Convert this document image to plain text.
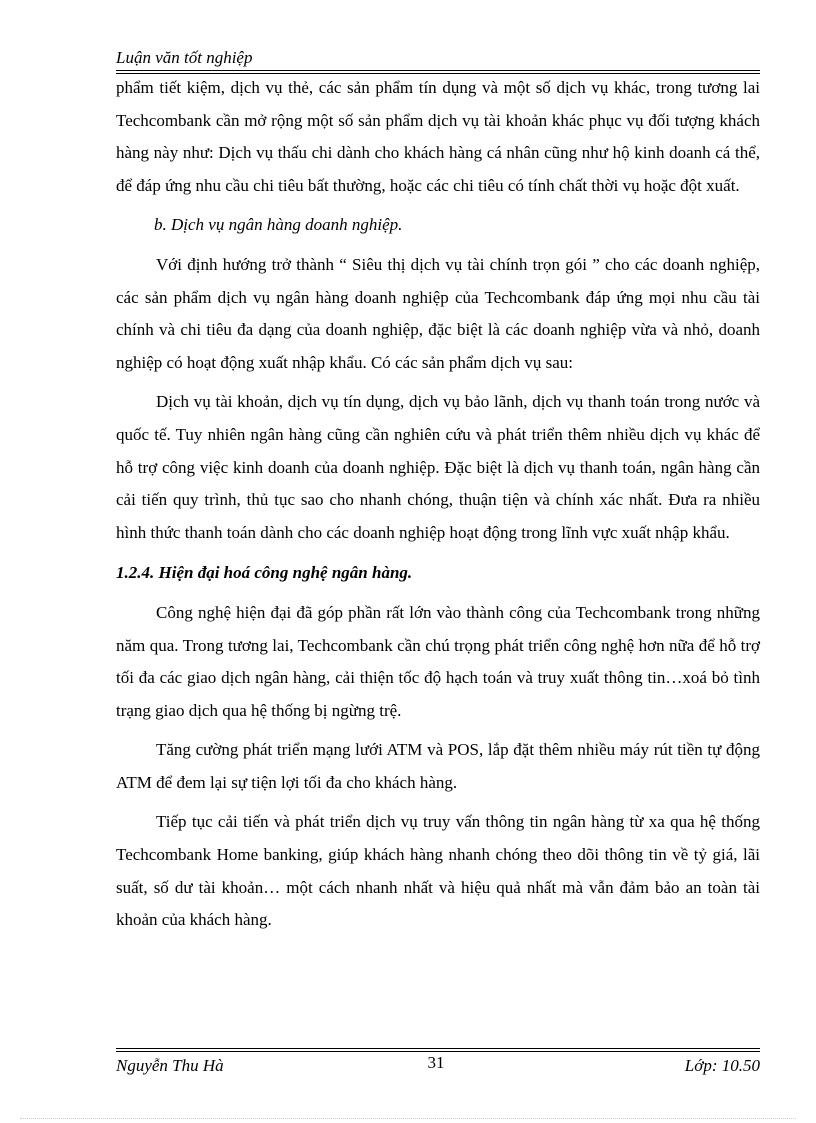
Luận văn tốt nghiệp

phẩm tiết kiệm, dịch vụ thẻ, các sản phẩm tín dụng và một số dịch vụ khác, trong tương lai Techcombank cần mở rộng một số sản phẩm dịch vụ tài khoản khác phục vụ đối tượng khách hàng này như: Dịch vụ thấu chi dành cho khách hàng cá nhân cũng như hộ kinh doanh cá thể, để đáp ứng nhu cầu chi tiêu bất thường, hoặc các chi tiêu có tính chất thời vụ hoặc đột xuất.

b. Dịch vụ ngân hàng doanh nghiệp.

Với định hướng trở thành “ Siêu thị dịch vụ tài chính trọn gói ” cho các doanh nghiệp, các sản phẩm dịch vụ ngân hàng doanh nghiệp của Techcombank đáp ứng mọi nhu cầu tài chính và chi tiêu đa dạng của doanh nghiệp, đặc biệt là các doanh nghiệp vừa và nhỏ, doanh nghiệp có hoạt động xuất nhập khẩu. Có các sản phẩm dịch vụ sau:

Dịch vụ tài khoản, dịch vụ tín dụng, dịch vụ bảo lãnh, dịch vụ thanh toán trong nước và quốc tế. Tuy nhiên ngân hàng cũng cần nghiên cứu và phát triển thêm nhiều dịch vụ khác để hỗ trợ công việc kinh doanh của doanh nghiệp. Đặc biệt là dịch vụ thanh toán, ngân hàng cần cải tiến quy trình, thủ tục sao cho nhanh chóng, thuận tiện và chính xác nhất. Đưa ra nhiều hình thức thanh toán dành cho các doanh nghiệp hoạt động trong lĩnh vực xuất nhập khẩu.

1.2.4. Hiện đại hoá công nghệ ngân hàng.

Công nghệ hiện đại đã góp phần rất lớn vào thành công của Techcombank trong những năm qua. Trong tương lai, Techcombank cần chú trọng phát triển công nghệ hơn nữa để hỗ trợ tối đa các giao dịch ngân hàng, cải thiện tốc độ hạch toán và truy xuất thông tin…xoá bỏ tình trạng giao dịch qua hệ thống bị ngừng trệ.

Tăng cường phát triển mạng lưới ATM và POS, lắp đặt thêm nhiều máy rút tiền tự động ATM để đem lại sự tiện lợi tối đa cho khách hàng.

Tiếp tục cải tiến và phát triển dịch vụ truy vấn thông tin ngân hàng từ xa qua hệ thống Techcombank Home banking, giúp khách hàng nhanh chóng theo dõi thông tin về tỷ giá, lãi suất, số dư tài khoản… một cách nhanh nhất và hiệu quả nhất mà vẫn đảm bảo an toàn tài khoản của khách hàng.

Nguyễn Thu Hà	31	Lớp: 10.50
